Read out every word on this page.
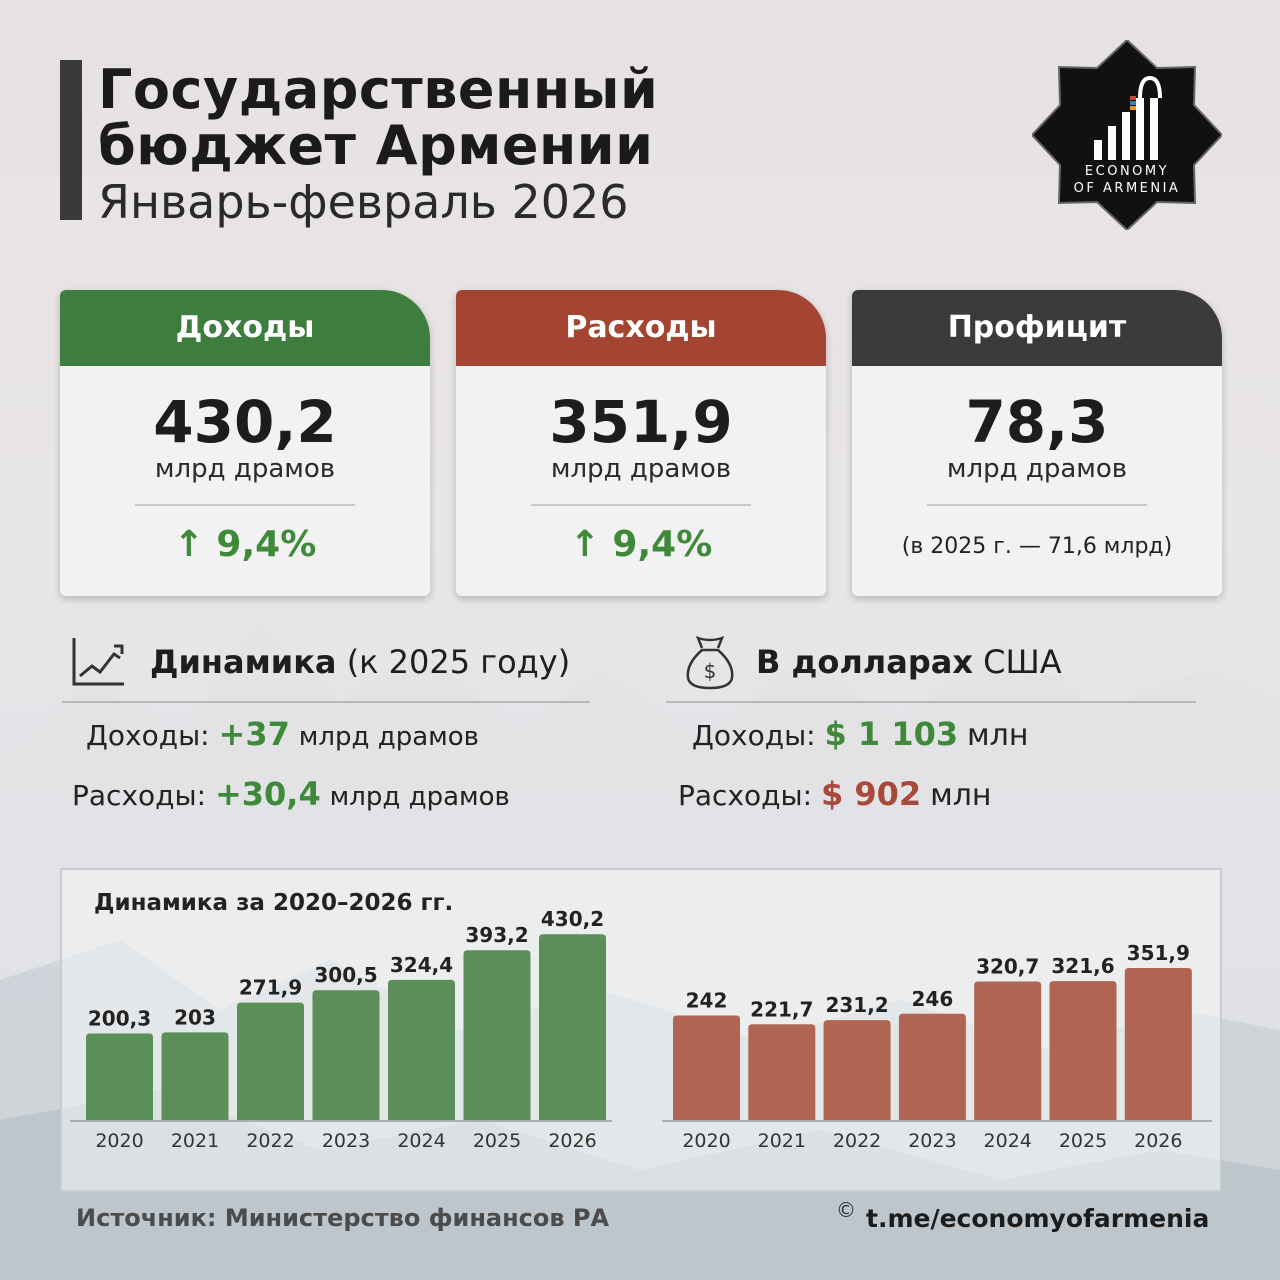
Государственный
бюджет Армении
Январь-февраль 2026
ECONOMY
OF ARMENIA
Доходы
430,2
млрд драмов
↑ 9,4%
Расходы
351,9
млрд драмов
↑ 9,4%
Профицит
78,3
млрд драмов
(в 2025 г. — 71,6 млрд)
Динамика (к 2025 году)
Доходы: +37 млрд драмов
Расходы: +30,4 млрд драмов
$ В долларах США
Доходы: $ 1 103 млн
Расходы: $ 902 млн
200,3
2020
203
2021
271,9
2022
300,5
2023
324,4
2024
393,2
2025
430,2
2026
242
2020
221,7
2021
231,2
2022
246
2023
320,7
2024
321,6
2025
351,9
2026
Динамика за 2020–2026 гг.
Источник: Министерство финансов РА	© t.me/economyofarmenia
